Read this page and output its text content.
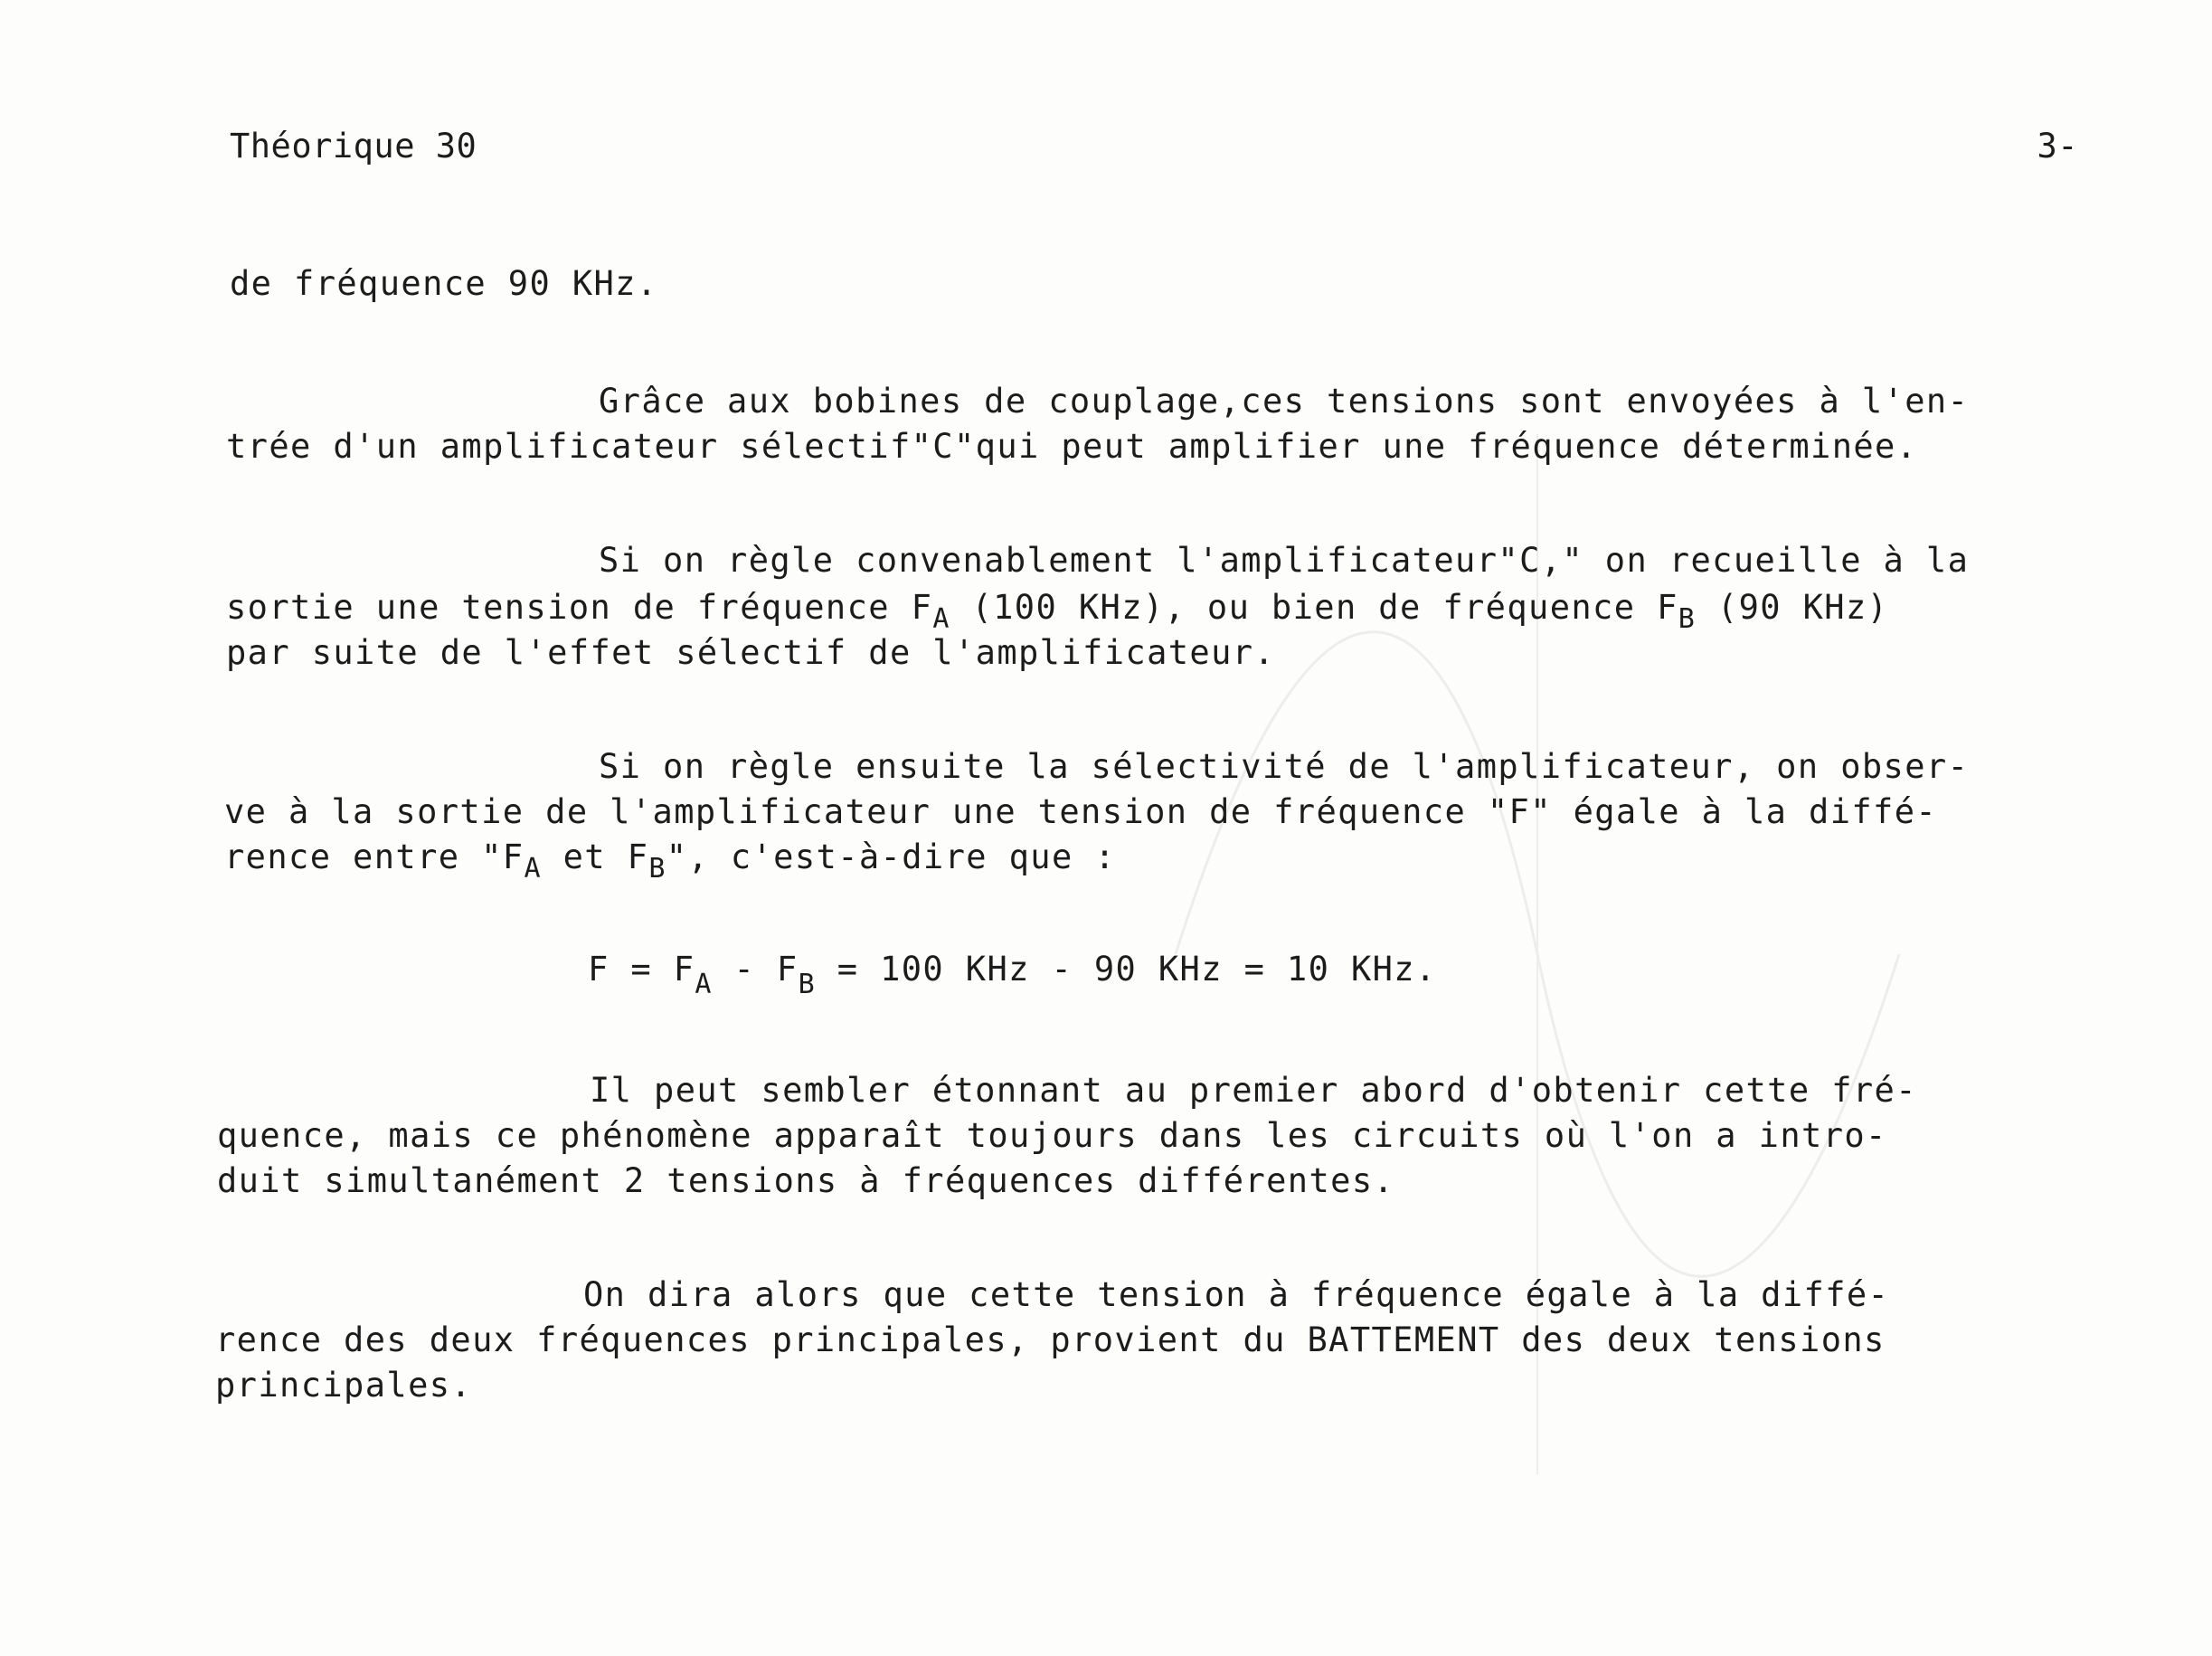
Théorique 30	3-
de fréquence 90 KHz.
Grâce aux bobines de couplage,ces tensions sont envoyées à l'en-
trée d'un amplificateur sélectif"C"qui peut amplifier une fréquence déterminée.
Si on règle convenablement l'amplificateur"C," on recueille à la
sortie une tension de fréquence $F_A$ (100 KHz), ou bien de fréquence $F_B$ (90 KHz)
par suite de l'effet sélectif de l'amplificateur.
Si on règle ensuite la sélectivité de l'amplificateur, on obser-
ve à la sortie de l'amplificateur une tension de fréquence "F" égale à la diffé-
rence entre "$F_A$ et $F_B$", c'est-à-dire que :
$F = F_A - F_B = 100$ KHz - 90 KHz = 10 KHz.
Il peut sembler étonnant au premier abord d'obtenir cette fré-
quence, mais ce phénomène apparaît toujours dans les circuits où l'on a intro-
duit simultanément 2 tensions à fréquences différentes.
On dira alors que cette tension à fréquence égale à la diffé-
rence des deux fréquences principales, provient du BATTEMENT des deux tensions
principales.
